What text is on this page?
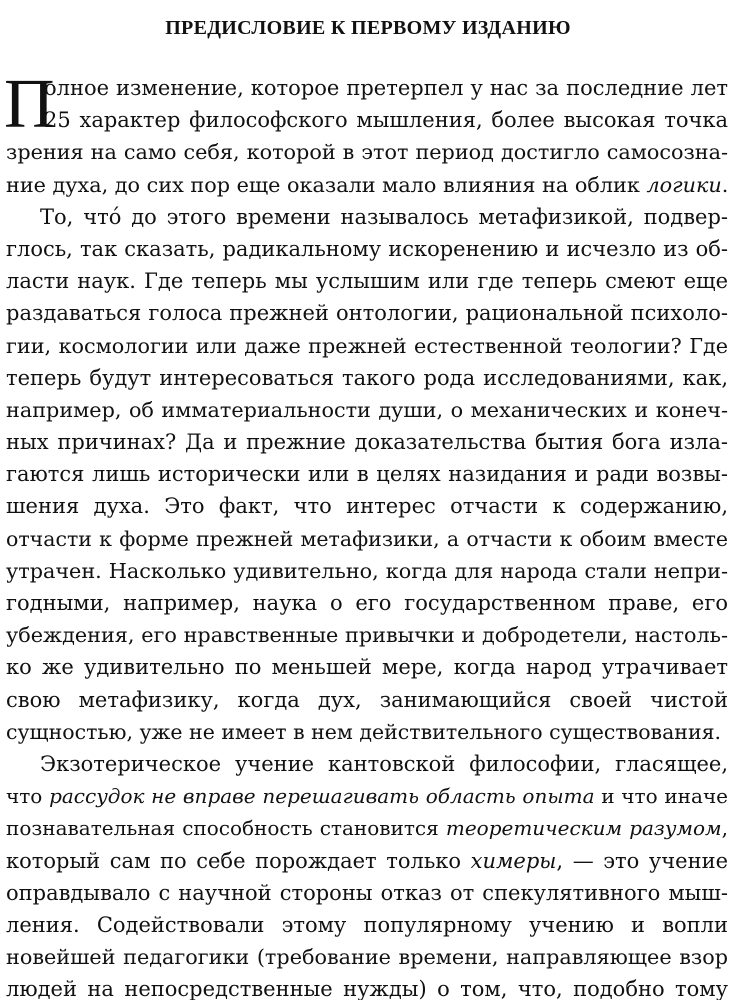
ПРЕДИСЛОВИЕ К ПЕРВОМУ ИЗДАНИЮ
П
олное изменение, которое претерпел у нас за последние лет
25 характер философского мышления, более высокая точка
зрения на само себя, которой в этот период достигло самосозна-
ние духа, до сих пор еще оказали мало влияния на облик логики.
То, что́ до этого времени называлось метафизикой, подвер-
глось, так сказать, радикальному искоренению и исчезло из об-
ласти наук. Где теперь мы услышим или где теперь смеют еще
раздаваться голоса прежней онтологии, рациональной психоло-
гии, космологии или даже прежней естественной теологии? Где
теперь будут интересоваться такого рода исследованиями, как,
например, об имматериальности души, о механических и конеч-
ных причинах? Да и прежние доказательства бытия бога изла-
гаются лишь исторически или в целях назидания и ради возвы-
шения духа. Это факт, что интерес отчасти к содержанию,
отчасти к форме прежней метафизики, а отчасти к обоим вместе
утрачен. Насколько удивительно, когда для народа стали непри-
годными, например, наука о его государственном праве, его
убеждения, его нравственные привычки и добродетели, настоль-
ко же удивительно по меньшей мере, когда народ утрачивает
свою метафизику, когда дух, занимающийся своей чистой
сущностью, уже не имеет в нем действительного существования.
Экзотерическое учение кантовской философии, гласящее,
что рассудок не вправе перешагивать область опыта и что иначе
познавательная способность становится теоретическим разумом,
который сам по себе порождает только химеры, — это учение
оправдывало с научной стороны отказ от спекулятивного мыш-
ления. Содействовали этому популярному учению и вопли
новейшей педагогики (требование времени, направляющее взор
людей на непосредственные нужды) о том, что, подобно тому
